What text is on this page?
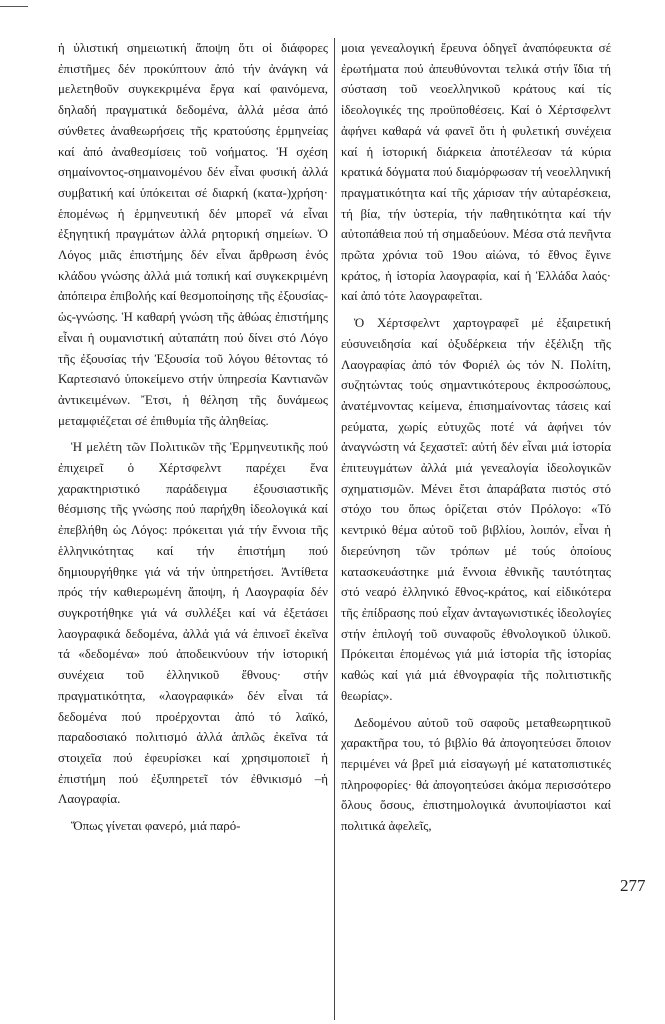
ἡ ὑλιστική σημειωτική ἄποψη ὅτι οἱ διάφορες ἐπιστῆμες δέν προκύπτουν ἀπό τήν ἀνάγκη νά μελετηθοῦν συγκεκριμένα ἔργα καί φαινόμενα, δηλαδή πραγματικά δεδομένα, ἀλλά μέσα ἀπό σύνθετες ἀναθεωρήσεις τῆς κρατούσης ἑρμηνείας καί ἀπό ἀναθεσμίσεις τοῦ νοήματος. Ἡ σχέση σημαίνοντος-σημαινομένου δέν εἶναι φυσική ἀλλά συμβατική καί ὑπόκειται σέ διαρκή (κατα-)χρήση· ἑπομένως ἡ ἑρμηνευτική δέν μπορεῖ νά εἶναι ἐξηγητική πραγμάτων ἀλλά ρητορική σημείων. Ὁ Λόγος μιᾶς ἐπιστήμης δέν εἶναι ἄρθρωση ἑνός κλάδου γνώσης ἀλλά μιά τοπική καί συγκεκριμένη ἀπόπειρα ἐπιβολής καί θεσμοποίησης τῆς ἐξουσίας- ὡς-γνώσης. Ἡ καθαρή γνώση τῆς ἀθώας ἐπιστήμης εἶναι ἡ ουμανιστική αὐταπάτη πού δίνει στό Λόγο τῆς ἐξουσίας τήν Ἐξουσία τοῦ λόγου θέτοντας τό Καρτεσιανό ὑποκείμενο στήν ὑπηρεσία Καντιανῶν ἀντικειμένων. Ἔτσι, ἡ θέληση τῆς δυνάμεως μεταμφιέζεται σέ ἐπιθυμία τῆς ἀληθείας.

Ἡ μελέτη τῶν Πολιτικῶν τῆς Ἑρμηνευτικῆς πού ἐπιχειρεῖ ὁ Χέρτσφελντ παρέχει ἕνα χαρακτηριστικό παράδειγμα ἐξουσιαστικῆς θέσμισης τῆς γνώσης πού παρήχθη ἰδεολογικά καί ἐπεβλήθη ὡς Λόγος: πρόκειται γιά τήν ἔννοια τῆς ἑλληνικότητας καί τήν ἐπιστήμη πού δημιουργήθηκε γιά νά τήν ὑπηρετήσει. Ἀντίθετα πρός τήν καθιερωμένη ἄποψη, ἡ Λαογραφία δέν συγκροτήθηκε γιά νά συλλέξει καί νά ἐξετάσει λαογραφικά δεδομένα, ἀλλά γιά νά ἐπινοεῖ ἐκεῖνα τά «δεδομένα» πού ἀποδεικνύουν τήν ἱστορική συνέχεια τοῦ ἑλληνικοῦ ἔθνους· στήν πραγματικότητα, «λαογραφικά» δέν εἶναι τά δεδομένα πού προέρχονται ἀπό τό λαϊκό, παραδοσιακό πολιτισμό ἀλλά ἁπλῶς ἐκεῖνα τά στοιχεῖα πού ἐφευρίσκει καί χρησιμοποιεῖ ἡ ἐπιστήμη πού ἐξυπηρετεῖ τόν ἐθνικισμό –ἡ Λαογραφία.

Ὅπως γίνεται φανερό, μιά παρό-

μοια γενεαλογική ἔρευνα ὁδηγεῖ ἀναπόφευκτα σέ ἐρωτήματα πού ἀπευθύνονται τελικά στήν ἴδια τή σύσταση τοῦ νεοελληνικοῦ κράτους καί τίς ἰδεολογικές της προϋποθέσεις. Καί ὁ Χέρτσφελντ ἀφήνει καθαρά νά φανεῖ ὅτι ἡ φυλετική συνέχεια καί ἡ ἱστορική διάρκεια ἀποτέλεσαν τά κύρια κρατικά δόγματα πού διαμόρφωσαν τή νεοελληνική πραγματικότητα καί τῆς χάρισαν τήν αὐταρέσκεια, τή βία, τήν ὑστερία, τήν παθητικότητα καί τήν αὐτοπάθεια πού τή σημαδεύουν. Μέσα στά πενῆντα πρῶτα χρόνια τοῦ 19ου αἰώνα, τό ἔθνος ἔγινε κράτος, ἡ ἱστορία λαογραφία, καί ἡ Ἑλλάδα λαός· καί ἀπό τότε λαογραφεῖται.

Ὁ Χέρτσφελντ χαρτογραφεῖ μέ ἐξαιρετική εὐσυνειδησία καί ὀξυδέρκεια τήν ἐξέλιξη τῆς Λαογραφίας ἀπό τόν Φοριέλ ὡς τόν Ν. Πολίτη, συζητώντας τούς σημαντικότερους ἐκπροσώπους, ἀνατέμνοντας κείμενα, ἐπισημαίνοντας τάσεις καί ρεύματα, χωρίς εὐτυχῶς ποτέ νά ἀφήνει τόν ἀναγνώστη νά ξεχαστεῖ: αὐτή δέν εἶναι μιά ἱστορία ἐπιτευγμάτων ἀλλά μιά γενεαλογία ἰδεολογικῶν σχηματισμῶν. Μένει ἔτσι ἀπαράβατα πιστός στό στόχο του ὅπως ὁρίζεται στόν Πρόλογο: «Τό κεντρικό θέμα αὐτοῦ τοῦ βιβλίου, λοιπόν, εἶναι ἡ διερεύνηση τῶν τρόπων μέ τούς ὁποίους κατασκευάστηκε μιά ἔννοια ἐθνικῆς ταυτότητας στό νεαρό ἑλληνικό ἔθνος-κράτος, καί εἰδικότερα τῆς ἐπίδρασης πού εἶχαν ἀνταγωνιστικές ἰδεολογίες στήν ἐπιλογή τοῦ συναφοῦς ἐθνολογικοῦ ὑλικοῦ. Πρόκειται ἑπομένως γιά μιά ἱστορία τῆς ἱστορίας καθώς καί γιά μιά ἐθνογραφία τῆς πολιτιστικῆς θεωρίας».

Δεδομένου αὐτοῦ τοῦ σαφοῦς μεταθεωρητικοῦ χαρακτῆρα του, τό βιβλίο θά ἀπογοητεύσει ὅποιον περιμένει νά βρεῖ μιά εἰσαγωγή μέ κατατοπιστικές πληροφορίες· θά ἀπογοητεύσει ἀκόμα περισσότερο ὅλους ὅσους, ἐπιστημολογικά ἀνυποψίαστοι καί πολιτικά ἀφελεῖς,

277
